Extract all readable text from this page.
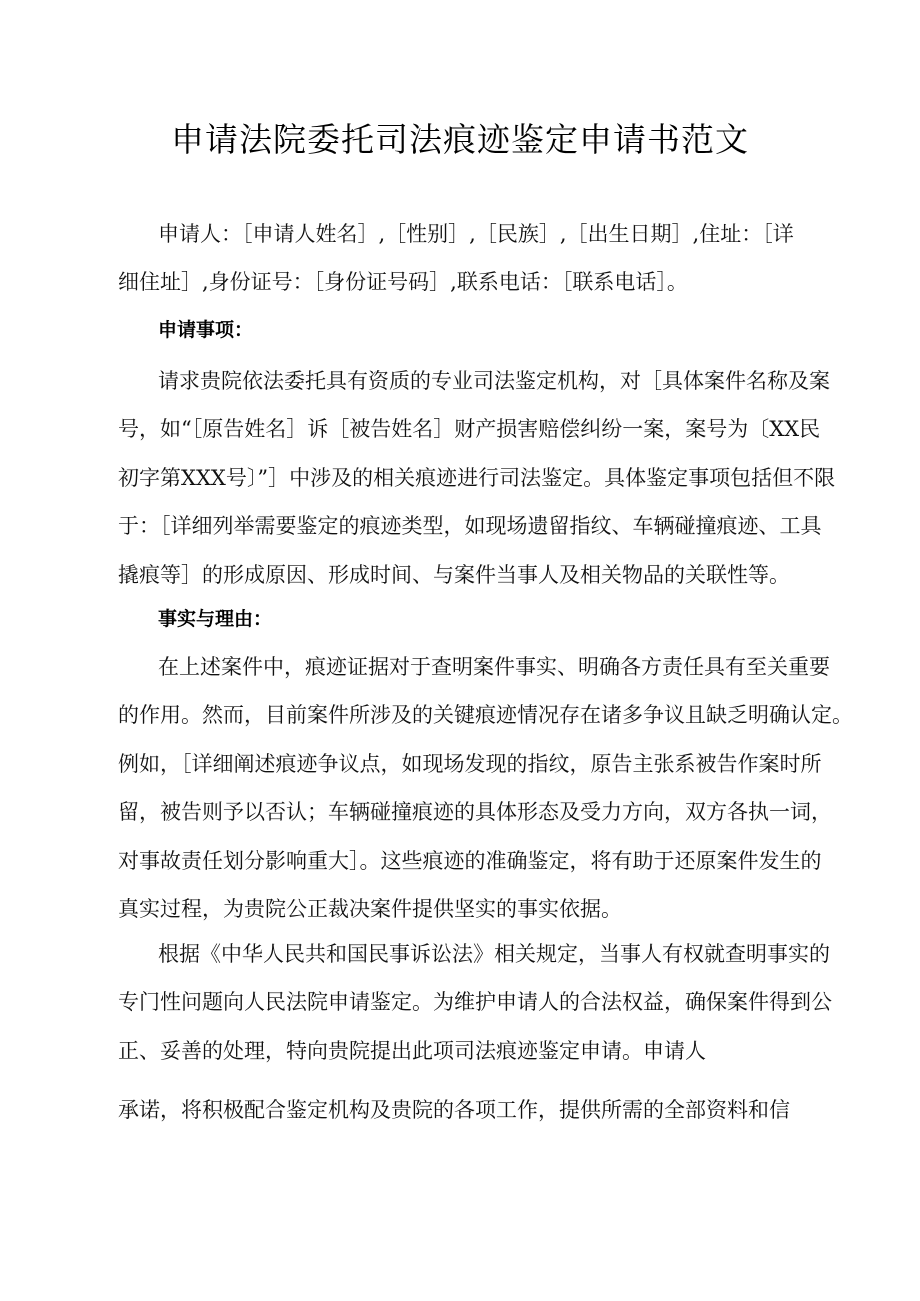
申请法院委托司法痕迹鉴定申请书范文
申请人：［申请人姓名］,［性别］,［民族］,［出生日期］,住址：［详
细住址］,身份证号：［身份证号码］,联系电话：［联系电话］。
申请事项：
请求贵院依法委托具有资质的专业司法鉴定机构，对［具体案件名称及案
号，如“［原告姓名］诉［被告姓名］财产损害赔偿纠纷一案，案号为〔XX民
初字第XXX号〕”］中涉及的相关痕迹进行司法鉴定。具体鉴定事项包括但不限
于：［详细列举需要鉴定的痕迹类型，如现场遗留指纹、车辆碰撞痕迹、工具
撬痕等］的形成原因、形成时间、与案件当事人及相关物品的关联性等。
事实与理由：
在上述案件中，痕迹证据对于查明案件事实、明确各方责任具有至关重要
的作用。然而，目前案件所涉及的关键痕迹情况存在诸多争议且缺乏明确认定。
例如，［详细阐述痕迹争议点，如现场发现的指纹，原告主张系被告作案时所
留，被告则予以否认；车辆碰撞痕迹的具体形态及受力方向，双方各执一词，
对事故责任划分影响重大］。这些痕迹的准确鉴定，将有助于还原案件发生的
真实过程，为贵院公正裁决案件提供坚实的事实依据。
根据《中华人民共和国民事诉讼法》相关规定，当事人有权就查明事实的
专门性问题向人民法院申请鉴定。为维护申请人的合法权益，确保案件得到公
正、妥善的处理，特向贵院提出此项司法痕迹鉴定申请。申请人
承诺，将积极配合鉴定机构及贵院的各项工作，提供所需的全部资料和信
